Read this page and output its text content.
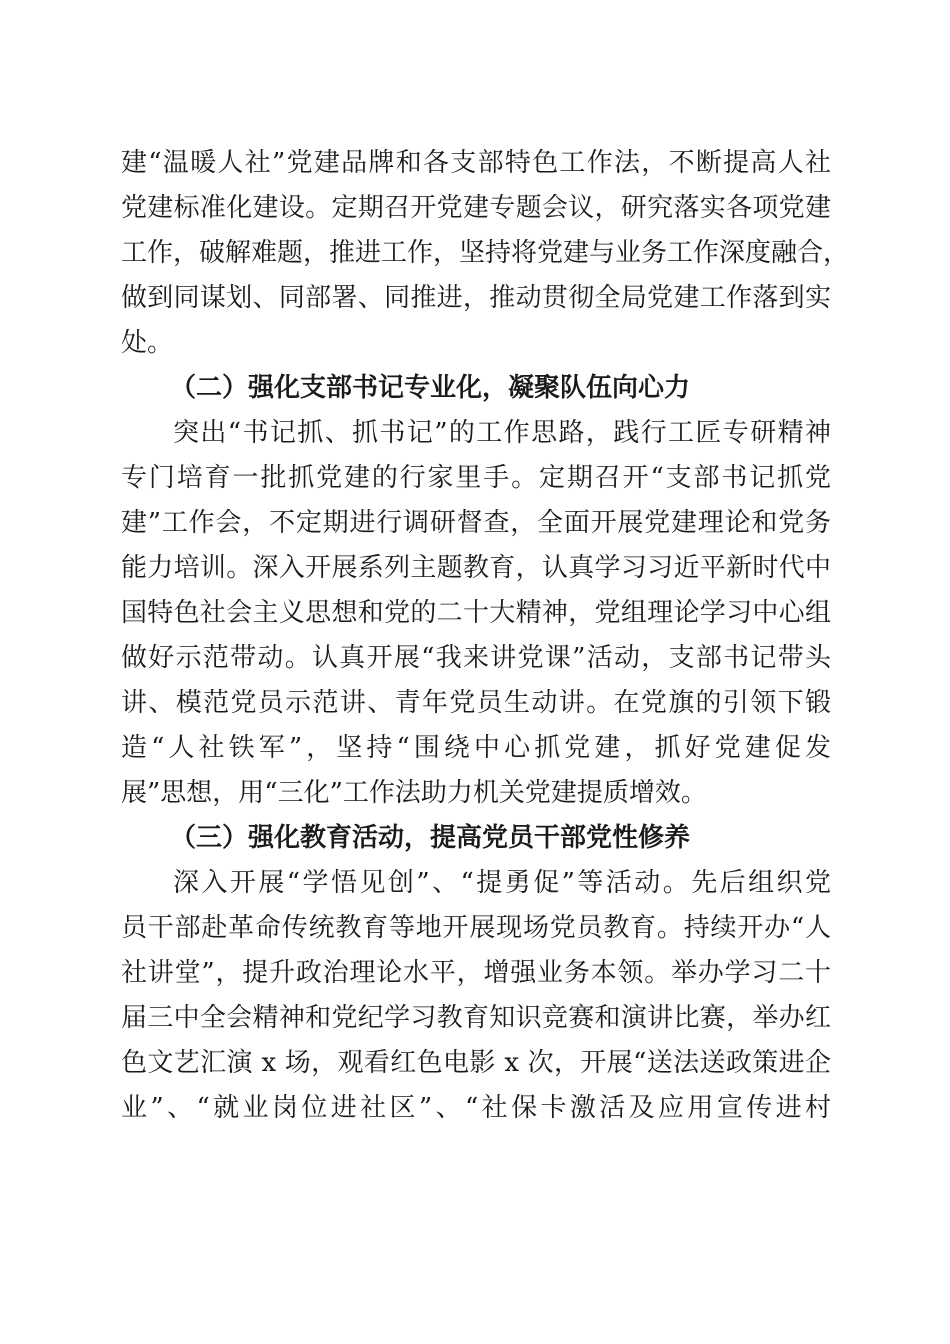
建“温暖人社”党建品牌和各支部特色工作法，不断提高人社
党建标准化建设。定期召开党建专题会议，研究落实各项党建
工作，破解难题，推进工作，坚持将党建与业务工作深度融合，
做到同谋划、同部署、同推进，推动贯彻全局党建工作落到实
处。
（二）强化支部书记专业化，凝聚队伍向心力
突出“书记抓、抓书记”的工作思路，践行工匠专研精神
专门培育一批抓党建的行家里手。定期召开“支部书记抓党
建”工作会，不定期进行调研督查，全面开展党建理论和党务
能力培训。深入开展系列主题教育，认真学习习近平新时代中
国特色社会主义思想和党的二十大精神，党组理论学习中心组
做好示范带动。认真开展“我来讲党课”活动，支部书记带头
讲、模范党员示范讲、青年党员生动讲。在党旗的引领下锻
造“人社铁军”，坚持“围绕中心抓党建，抓好党建促发
展”思想，用“三化”工作法助力机关党建提质增效。
（三）强化教育活动，提高党员干部党性修养
深入开展“学悟见创”、“提勇促”等活动。先后组织党
员干部赴革命传统教育等地开展现场党员教育。持续开办“人
社讲堂”，提升政治理论水平，增强业务本领。举办学习二十
届三中全会精神和党纪学习教育知识竞赛和演讲比赛，举办红
色文艺汇演 x 场，观看红色电影 x 次，开展“送法送政策进企
业”、“就业岗位进社区”、“社保卡激活及应用宣传进村
